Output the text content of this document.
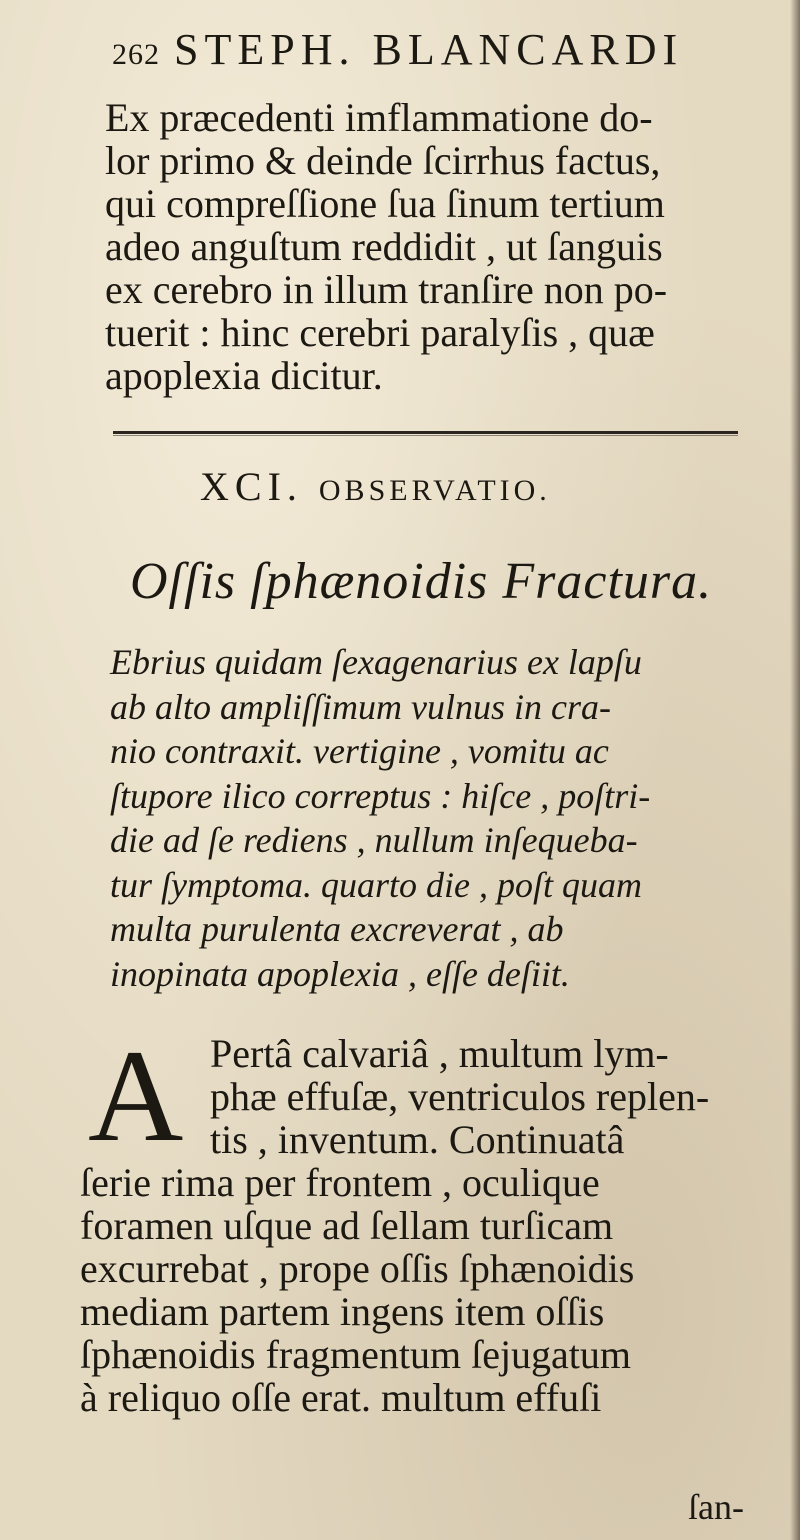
262 STEPH. BLANCARDI
Ex præcedenti imflammatione do-
lor primo & deinde ſcirrhus factus,
qui compreſſione ſua ſinum tertium
adeo anguſtum reddidit , ut ſanguis
ex cerebro in illum tranſire non po-
tuerit : hinc cerebri paralyſis , quæ
apoplexia dicitur.
XCI. OBSERVATIO.
Oſſis ſphænoidis Fractura.
Ebrius quidam ſexagenarius ex lapſu
ab alto ampliſſimum vulnus in cra-
nio contraxit. vertigine , vomitu ac
ſtupore ilico correptus : hiſce , poſtri-
die ad ſe rediens , nullum inſequeba-
tur ſymptoma. quarto die , poſt quam
multa purulenta excreverat , ab
inopinata apoplexia , eſſe deſiit.
A Pertâ calvariâ , multum lym-
phæ effuſæ, ventriculos replen-
tis , inventum. Continuatâ
ſerie rima per frontem , oculique
foramen uſque ad ſellam turſicam
excurrebat , prope oſſis ſphænoidis
mediam partem ingens item oſſis
ſphænoidis fragmentum ſejugatum
à reliquo oſſe erat. multum effuſi
ſan-
